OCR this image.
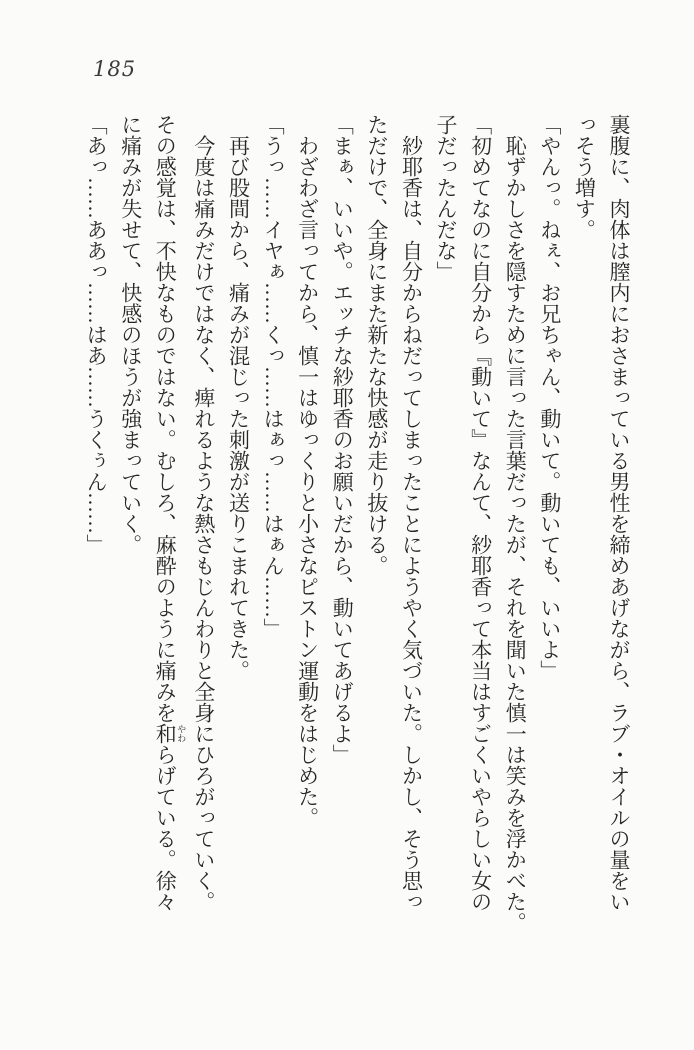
185
裏腹に、肉体は膣内におさまっている男性を締めあげながら、ラブ・オイルの量をい
っそう増す。
「やんっ。ねぇ、お兄ちゃん、動いて。動いても、いいよ」
恥ずかしさを隠すために言った言葉だったが、それを聞いた慎一は笑みを浮かべた。
「初めてなのに自分から『動いて』なんて、紗耶香って本当はすごくいやらしい女の
子だったんだな」
紗耶香は、自分からねだってしまったことにようやく気づいた。しかし、そう思っ
ただけで、全身にまた新たな快感が走り抜ける。
「まぁ、いいや。エッチな紗耶香のお願いだから、動いてあげるよ」
わざわざ言ってから、慎一はゆっくりと小さなピストン運動をはじめた。
「うっ……イヤぁ……くっ……はぁっ……はぁん……」
再び股間から、痛みが混じった刺激が送りこまれてきた。
今度は痛みだけではなく、痺れるような熱さもじんわりと全身にひろがっていく。
その感覚は、不快なものではない。むしろ、麻酔のように痛みを和 やわらげている。徐々
に痛みが失せて、快感のほうが強まっていく。
「あっ……ああっ……はあ……うくぅん……」
